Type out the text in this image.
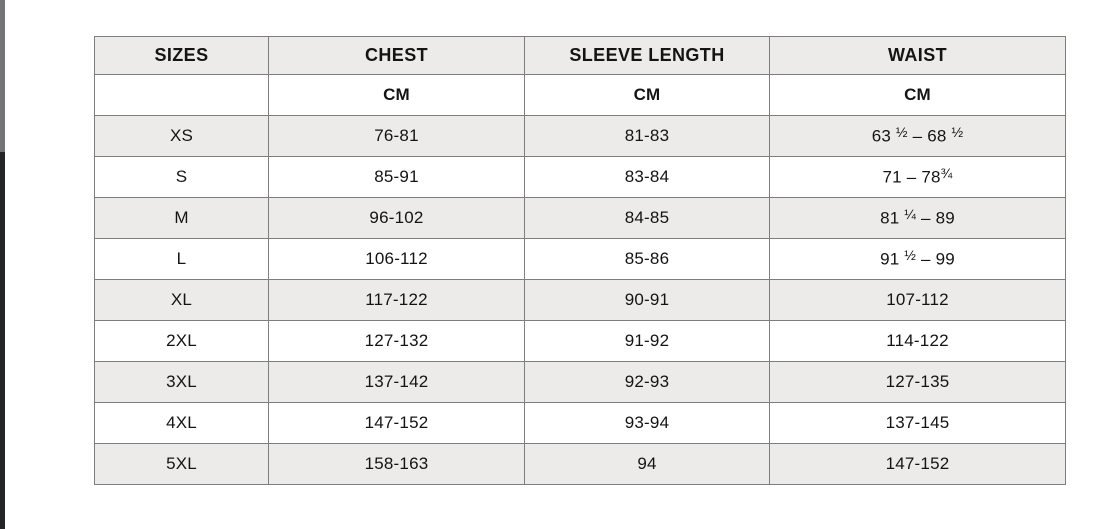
SIZES	CHEST	SLEEVE LENGTH	WAIST
	CM	CM	CM
XS	76-81	81-83	63 $^{\frac{1}{2}}$ – 68 $^{\frac{1}{2}}$
S	85-91	83-84	$71 - 78^{\frac{3}{4}}$
M	96-102	84-85	81 $^{\frac{1}{4}}$ – 89
L	106-112	85-86	91 $^{\frac{1}{2}}$ – 99
XL	117-122	90-91	107-112
2XL	127-132	91-92	114-122
3XL	137-142	92-93	127-135
4XL	147-152	93-94	137-145
5XL	158-163	94	147-152
